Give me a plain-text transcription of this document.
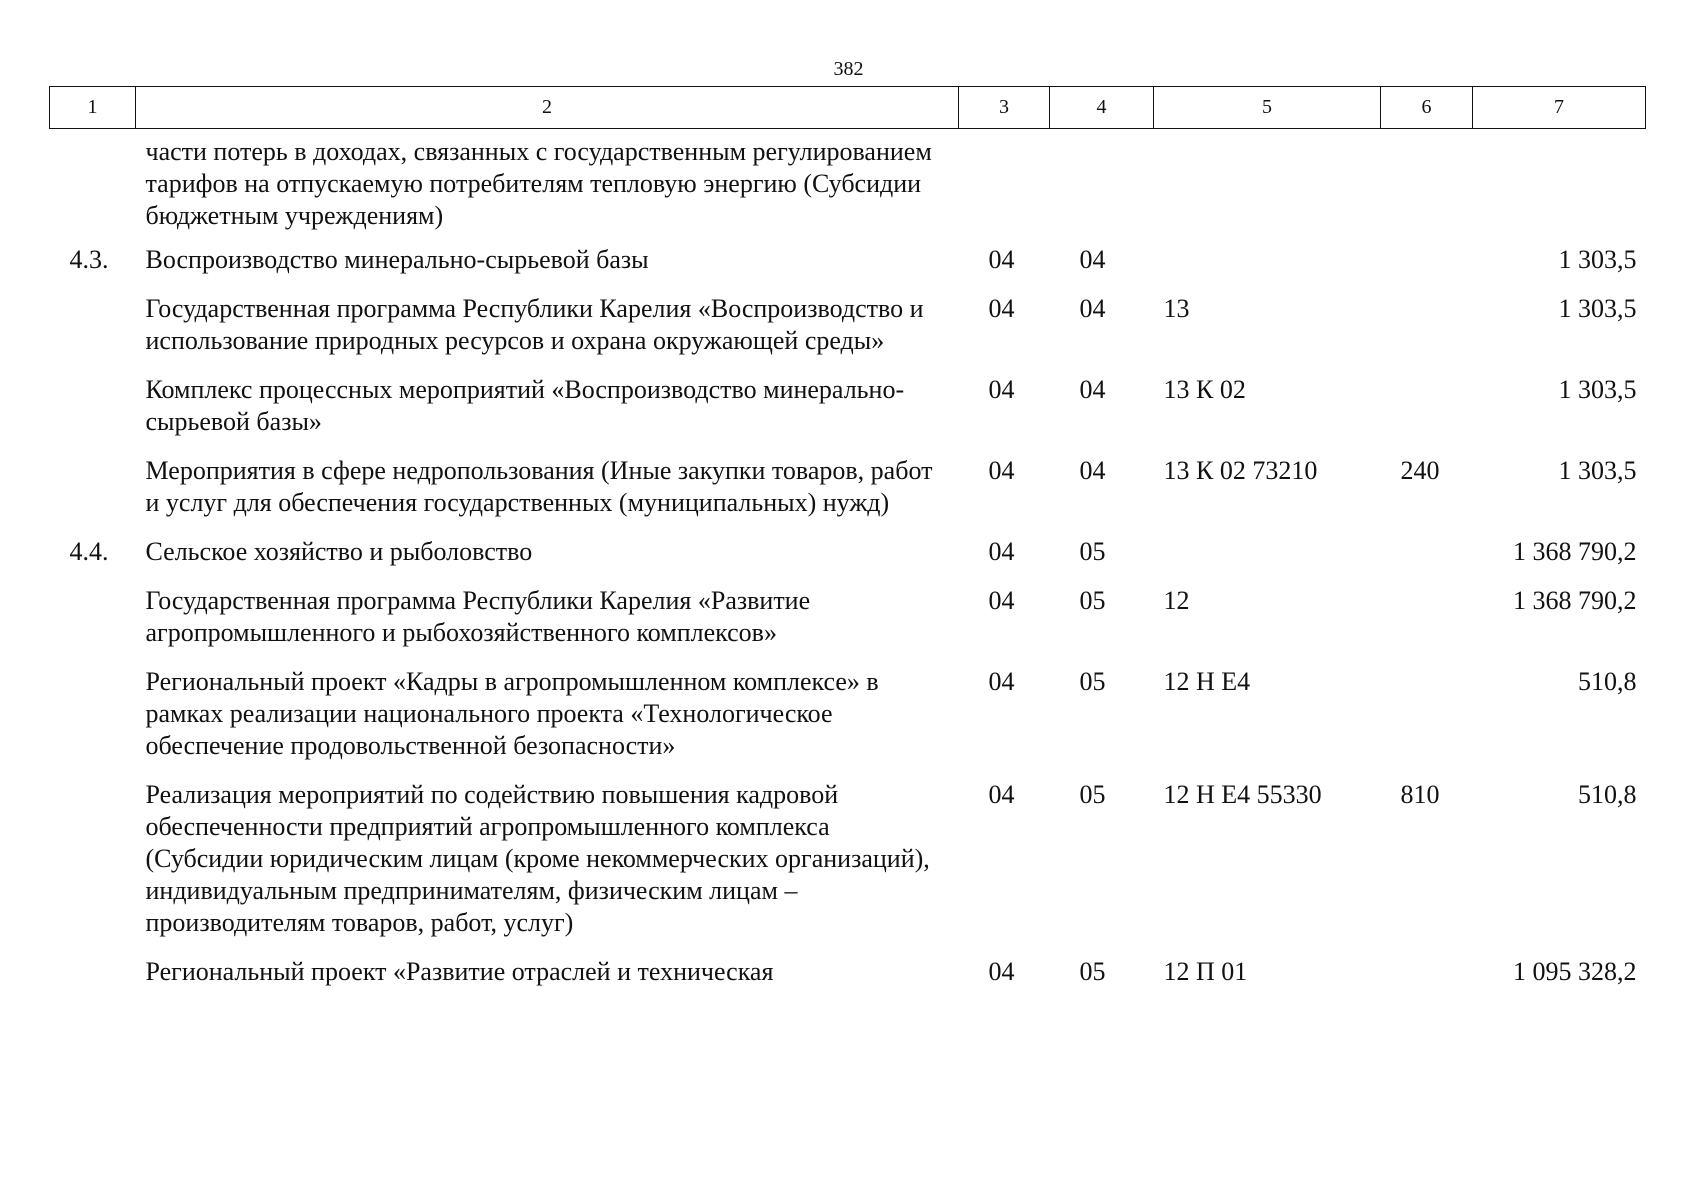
382
1	2	3	4	5	6	7
	части потерь в доходах, связанных с государственным регулированием тарифов на отпускаемую потребителям тепловую энергию (Субсидии бюджетным учреждениям)					
4.3.	Воспроизводство минерально-сырьевой базы	04	04			1 303,5
	Государственная программа Республики Карелия «Воспроизводство и использование природных ресурсов и охрана окружающей среды»	04	04	13		1 303,5
	Комплекс процессных мероприятий «Воспроизводство минерально-сырьевой базы»	04	04	13 К 02		1 303,5
	Мероприятия в сфере недропользования (Иные закупки товаров, работ и услуг для обеспечения государственных (муниципальных) нужд)	04	04	13 К 02 73210	240	1 303,5
4.4.	Сельское хозяйство и рыболовство	04	05			1 368 790,2
	Государственная программа Республики Карелия «Развитие агропромышленного и рыбохозяйственного комплексов»	04	05	12		1 368 790,2
	Региональный проект «Кадры в агропромышленном комплексе» в рамках реализации национального проекта «Технологическое обеспечение продовольственной безопасности»	04	05	12 Н Е4		510,8
	Реализация мероприятий по содействию повышения кадровой обеспеченности предприятий агропромышленного комплекса (Субсидии юридическим лицам (кроме некоммерческих организаций), индивидуальным предпринимателям, физическим лицам – производителям товаров, работ, услуг)	04	05	12 Н Е4 55330	810	510,8
	Региональный проект «Развитие отраслей и техническая	04	05	12 П 01		1 095 328,2
